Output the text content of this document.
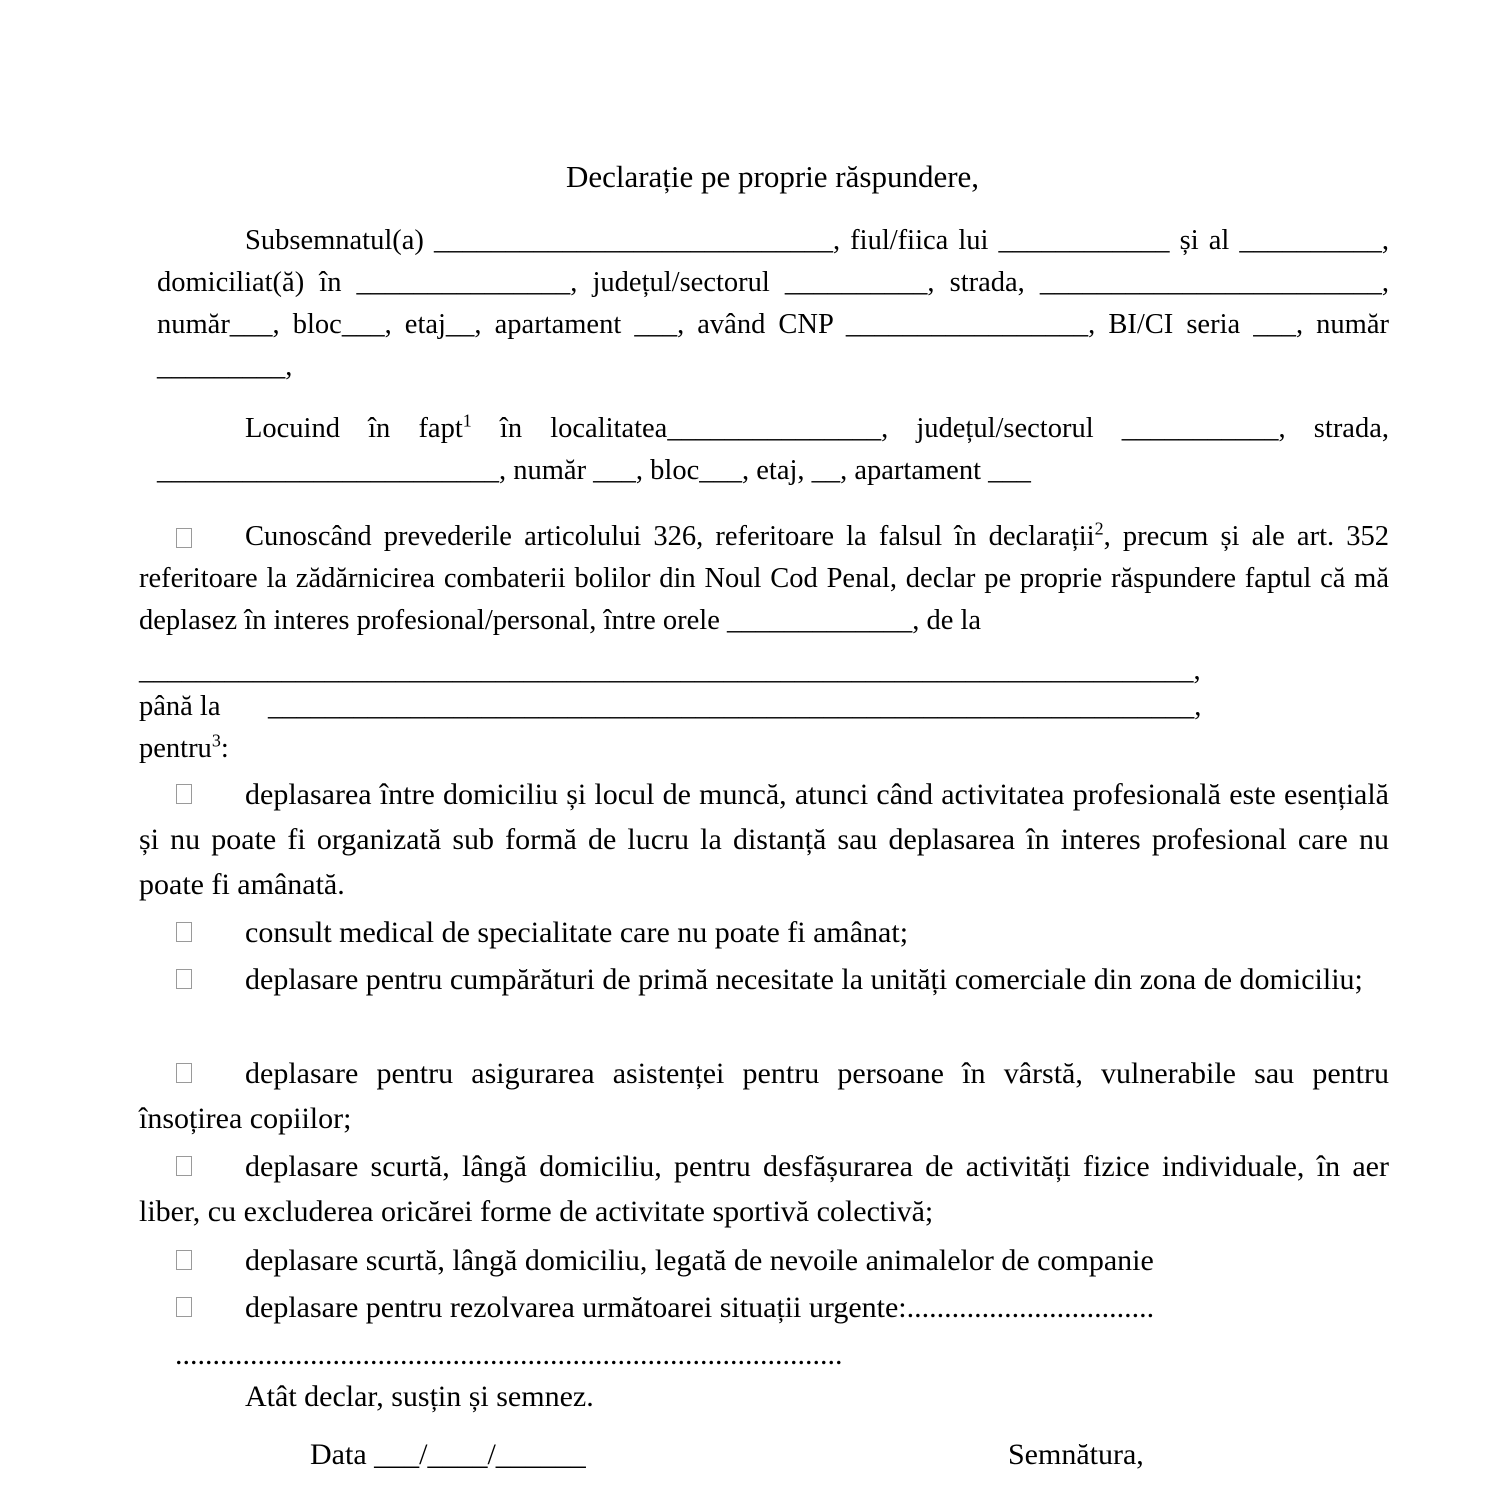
Declarație pe proprie răspundere,

Subsemnatul(a) ____________________________, fiul/fiica lui ____________ și al __________, domiciliat(ă) în _______________, județul/sectorul __________, strada, ________________________, număr___, bloc___, etaj__, apartament ___, având CNP _________________, BI/CI seria ___, număr _________,

Locuind în fapt$^1$ în localitatea_______________, județul/sectorul ___________, strada, ________________________, număr ___, bloc___, etaj, __, apartament ___

Cunoscând prevederile articolului 326, referitoare la falsul în declarații$^2$, precum și ale art. 352 referitoare la zădărnicirea combaterii bolilor din Noul Cod Penal, declar pe proprie răspundere faptul că mă deplasez în interes profesional/personal, între orele _____________, de la

__________________________________________________________________________,
până la _________________________________________________________________,
pentru$^3$:

deplasarea între domiciliu și locul de muncă, atunci când activitatea profesională este esențială și nu poate fi organizată sub formă de lucru la distanță sau deplasarea în interes profesional care nu poate fi amânată.

consult medical de specialitate care nu poate fi amânat;

deplasare pentru cumpărături de primă necesitate la unități comerciale din zona de domiciliu;

deplasare pentru asigurarea asistenței pentru persoane în vârstă, vulnerabile sau pentru însoțirea copiilor;

deplasare scurtă, lângă domiciliu, pentru desfășurarea de activități fizice individuale, în aer liber, cu excluderea oricărei forme de activitate sportivă colectivă;

deplasare scurtă, lângă domiciliu, legată de nevoile animalelor de companie

deplasare pentru rezolvarea următoarei situații urgente:.................................

.........................................................................................
Atât declar, susțin și semnez.
Data ___/____/______	Semnătura,
